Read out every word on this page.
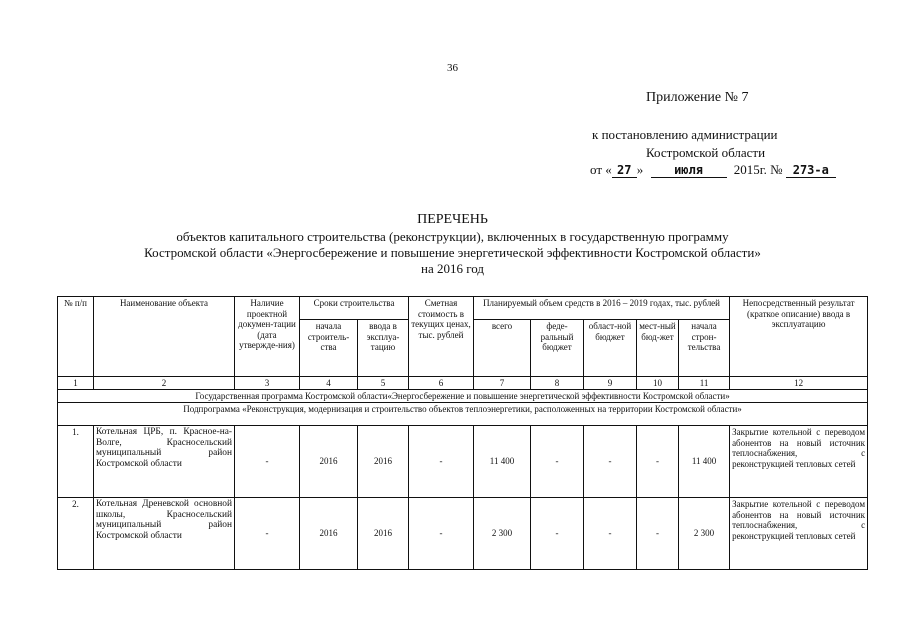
36
Приложение № 7
к постановлению администрации
Костромской области
от « 27 »	июля 2015г. № 273-а
ПЕРЕЧЕНЬ
объектов капитального строительства (реконструкции), включенных в государственную программу
Костромской области «Энергосбережение и повышение энергетической эффективности Костромской области»
на 2016 год
№ п/п	Наименование объекта	Наличие проектной докумен-тации (дата утвержде-ния)	Сроки строительства		Сметная стоимость в текущих ценах, тыс. рублей	Планируемый объем средств в 2016 – 2019 годах, тыс. рублей					Непосредственный результат (краткое описание) ввода в эксплуатацию
			начала строитель-ства	ввода в эксплуа-тацию		всего	феде-ральный бюджет	област-ной бюджет	мест-ный бюд-жет	начала строн-тельства	
1	2	3	4	5	6	7	8	9	10	11	12
Государственная программа Костромской области«Энергосбережение и повышение энергетической эффективности Костромской области»											
Подпрограмма «Реконструкция, модернизация и строительство объектов теплоэнергетики, расположенных на территории Костромской области»											
1.	Котельная ЦРБ, п. Красное-на-Волге, Красносельский муниципальный район Костромской области	-	2016	2016	-	11 400	-	-	-	11 400	Закрытие котельной с переводом абонентов на новый источник теплоснабжения, с реконструкцией тепловых сетей
2.	Котельная Дреневской основной школы, Красносельский муниципальный район Костромской области	-	2016	2016	-	2 300	-	-	-	2 300	Закрытие котельной с переводом абонентов на новый источник теплоснабжения, с реконструкцией тепловых сетей
